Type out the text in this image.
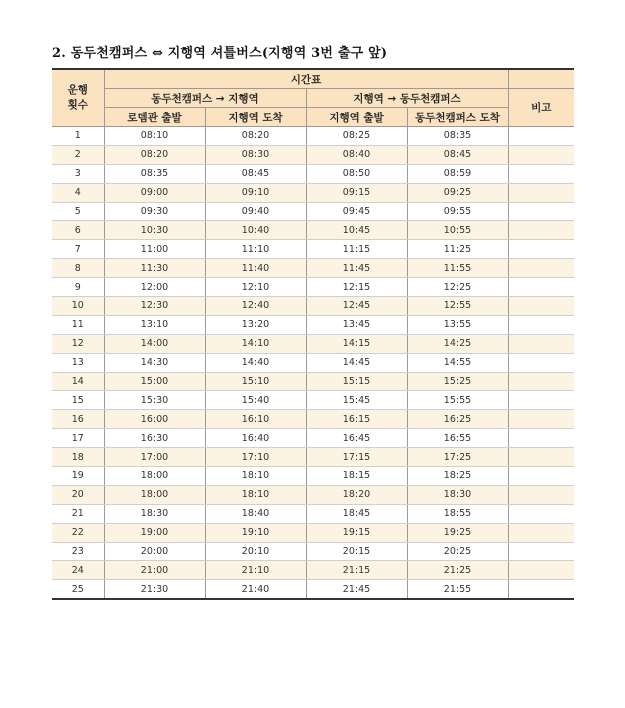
2. 동두천캠퍼스 ⇔ 지행역 셔틀버스(지행역 3번 출구 앞)
운행
횟수	시간표				
	동두천캠퍼스 → 지행역		지행역 → 동두천캠퍼스		비고
	로뎀관 출발	지행역 도착	지행역 출발	동두천캠퍼스 도착	
1	08:10	08:20	08:25	08:35	
2	08:20	08:30	08:40	08:45	
3	08:35	08:45	08:50	08:59	
4	09:00	09:10	09:15	09:25	
5	09:30	09:40	09:45	09:55	
6	10:30	10:40	10:45	10:55	
7	11:00	11:10	11:15	11:25	
8	11:30	11:40	11:45	11:55	
9	12:00	12:10	12:15	12:25	
10	12:30	12:40	12:45	12:55	
11	13:10	13:20	13:45	13:55	
12	14:00	14:10	14:15	14:25	
13	14:30	14:40	14:45	14:55	
14	15:00	15:10	15:15	15:25	
15	15:30	15:40	15:45	15:55	
16	16:00	16:10	16:15	16:25	
17	16:30	16:40	16:45	16:55	
18	17:00	17:10	17:15	17:25	
19	18:00	18:10	18:15	18:25	
20	18:00	18:10	18:20	18:30	
21	18:30	18:40	18:45	18:55	
22	19:00	19:10	19:15	19:25	
23	20:00	20:10	20:15	20:25	
24	21:00	21:10	21:15	21:25	
25	21:30	21:40	21:45	21:55	
